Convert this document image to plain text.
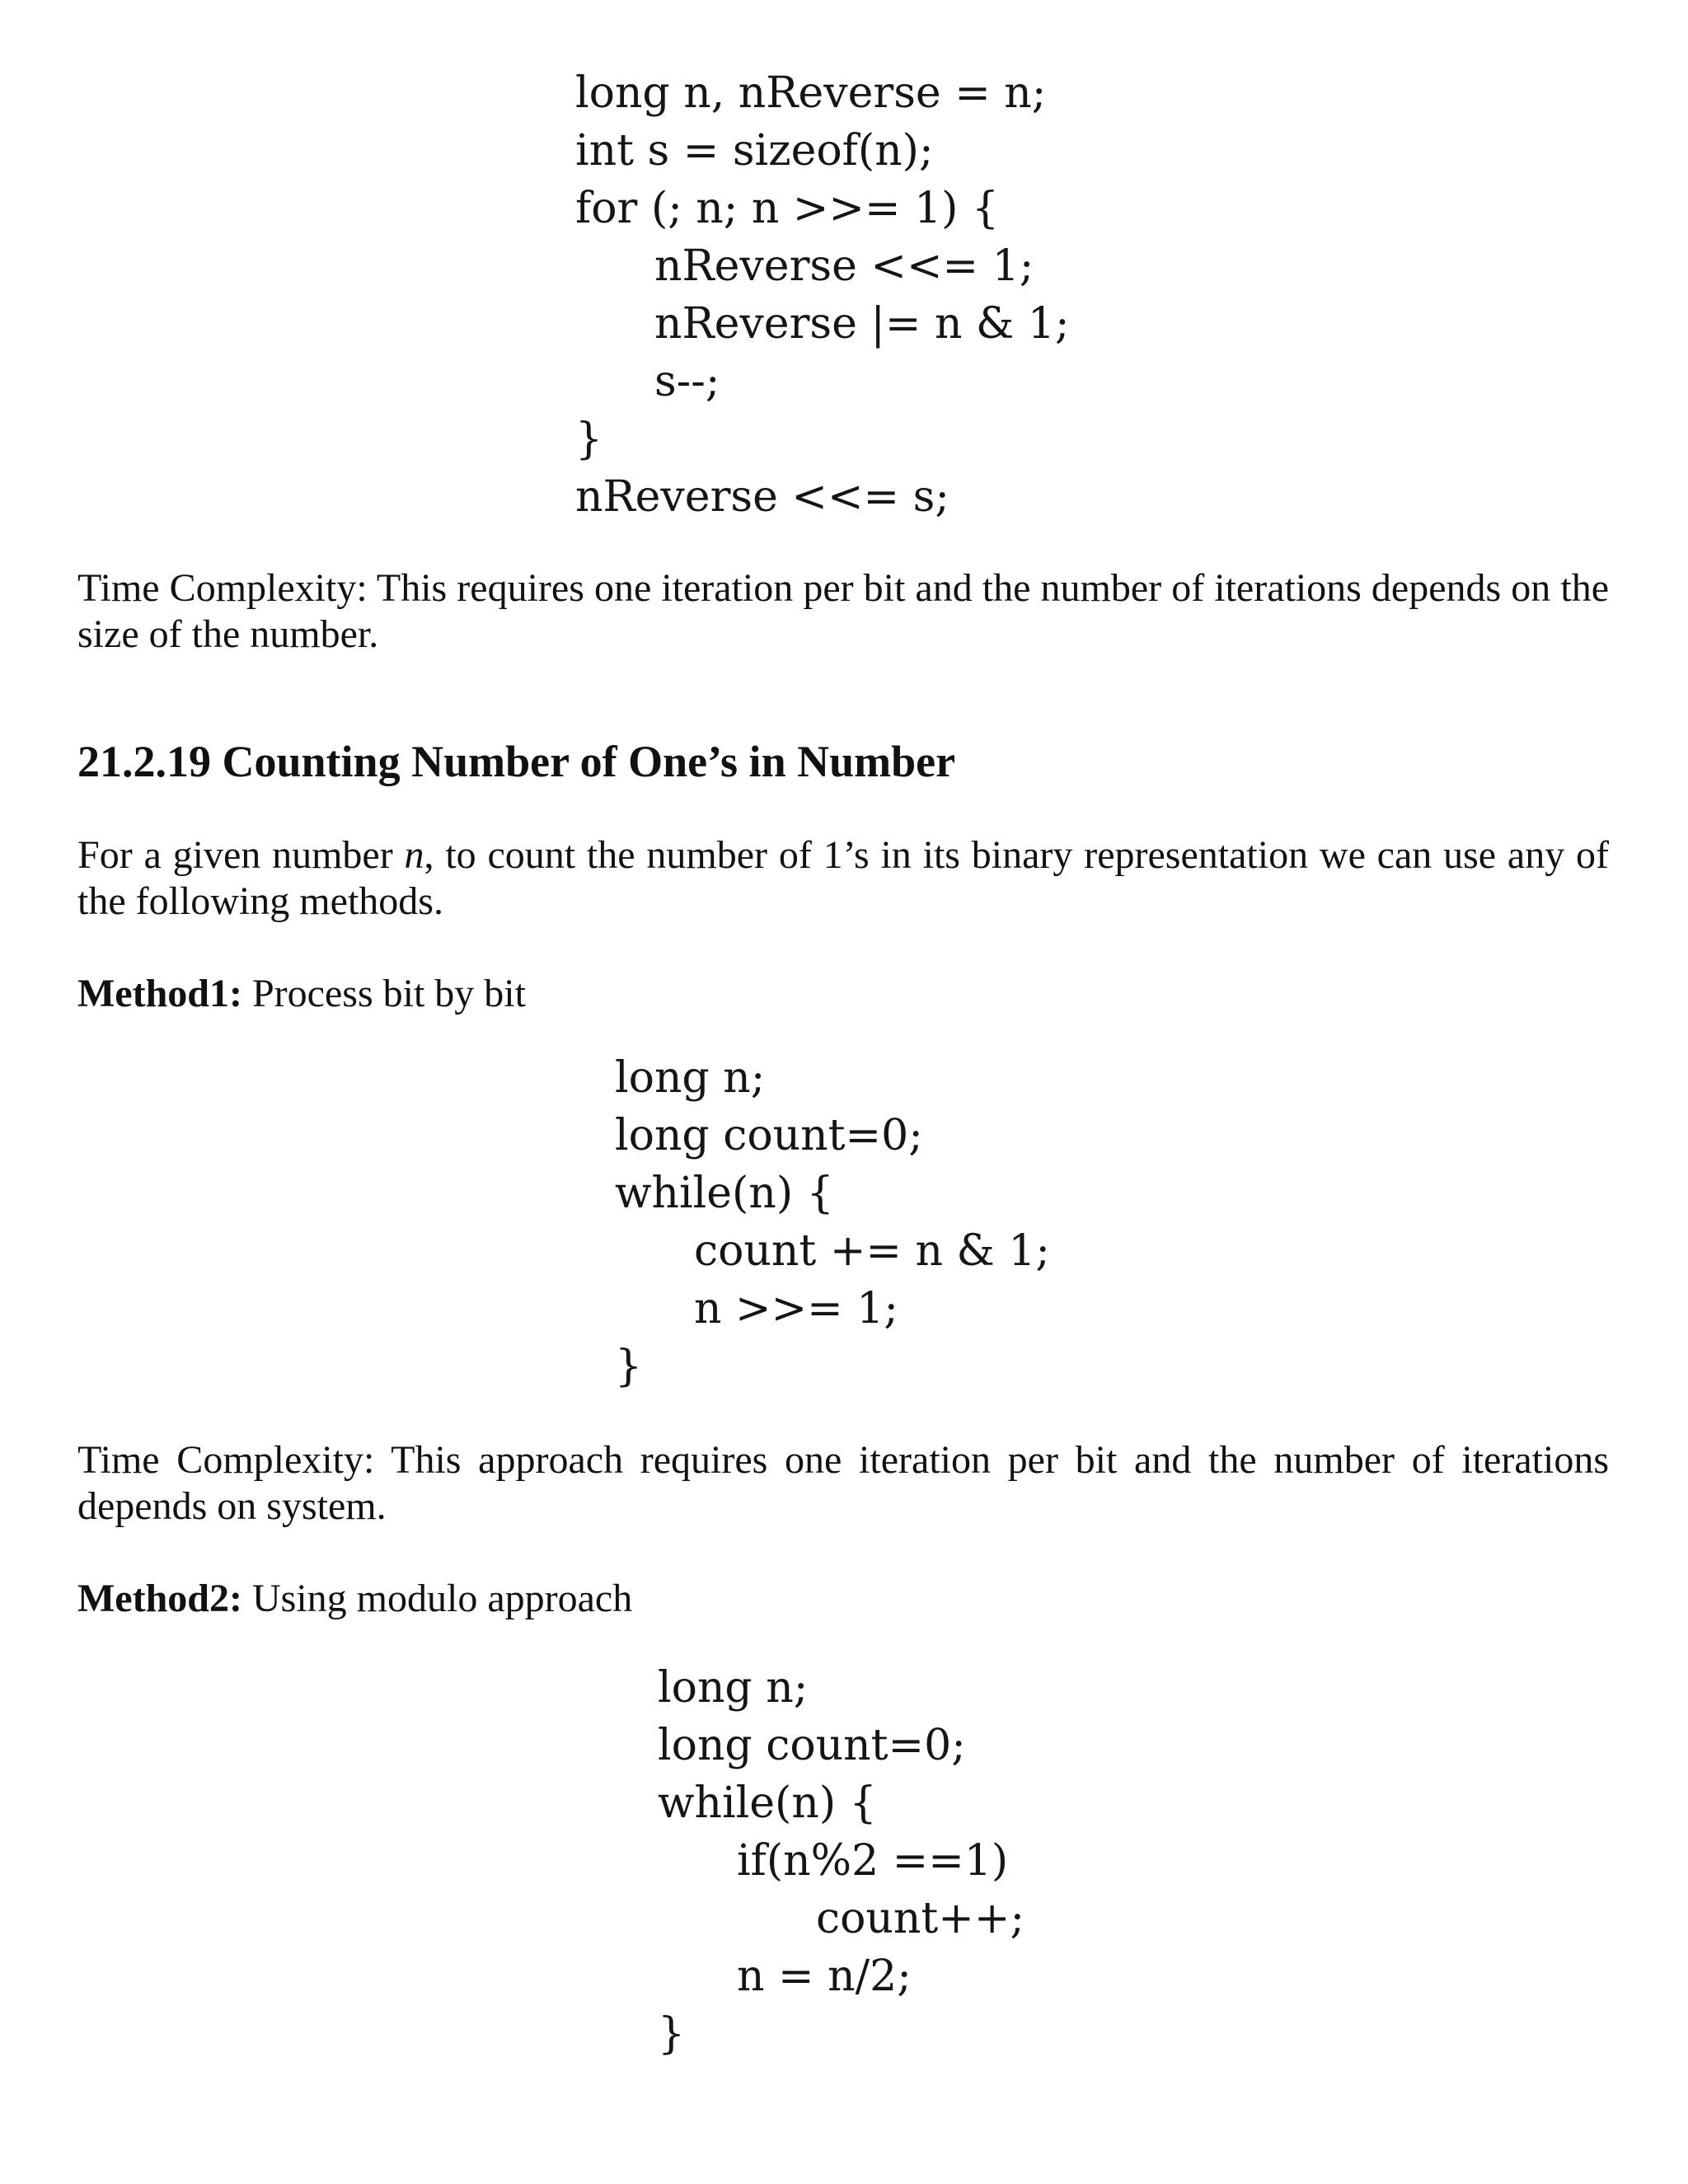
long n, nReverse = n;
int s = sizeof(n);
for (; n; n >>= 1) {
nReverse <<= 1;
nReverse |= n & 1;
s--;
}
nReverse <<= s;

Time Complexity: This requires one iteration per bit and the number of iterations depends on the size of the number.

21.2.19 Counting Number of One’s in Number

For a given number n, to count the number of 1’s in its binary representation we can use any of the following methods.

Method1: Process bit by bit

long n;
long count=0;
while(n) {
count += n & 1;
n >>= 1;
}

Time Complexity: This approach requires one iteration per bit and the number of iterations depends on system.

Method2: Using modulo approach

long n;
long count=0;
while(n) {
if(n%2 ==1)
count++;
n = n/2;
}
